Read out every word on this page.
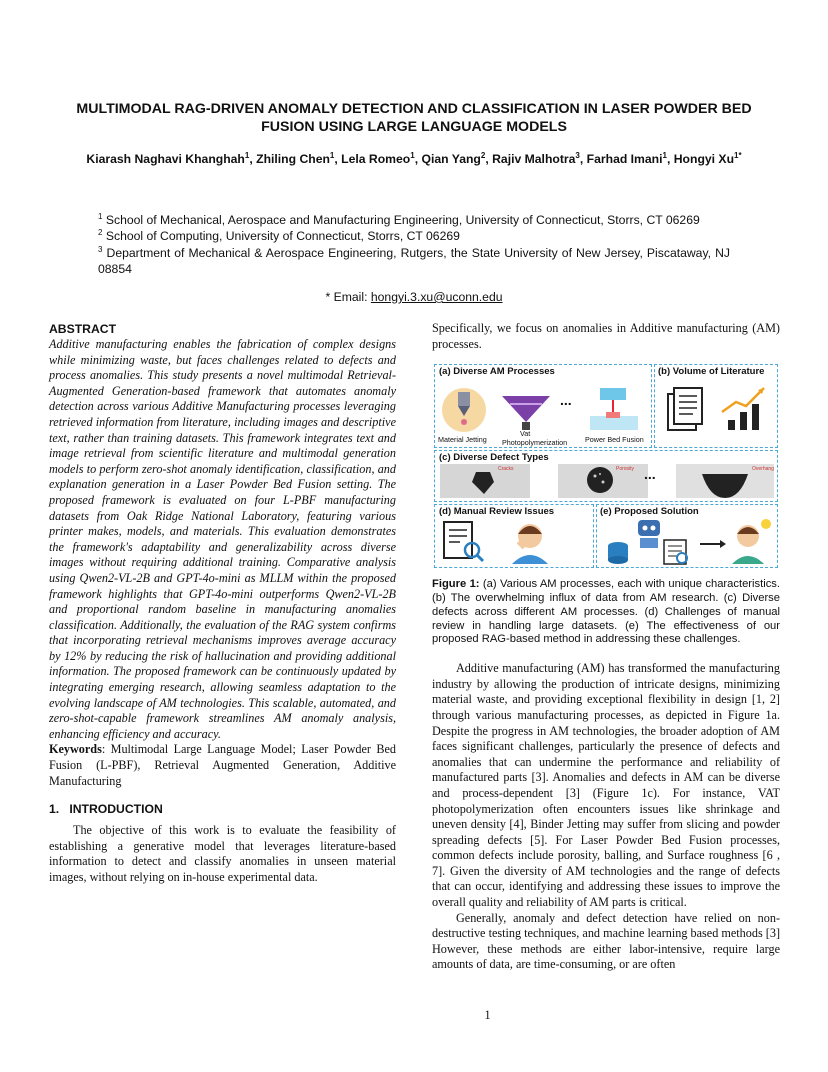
MULTIMODAL RAG-DRIVEN ANOMALY DETECTION AND CLASSIFICATION IN LASER POWDER BED FUSION USING LARGE LANGUAGE MODELS
Kiarash Naghavi Khanghah$^1$, Zhiling Chen$^1$, Lela Romeo$^1$, Qian Yang$^2$, Rajiv Malhotra$^3$, Farhad Imani$^1$, Hongyi $Xu^{1*}$

$^1$ School of Mechanical, Aerospace and Manufacturing Engineering, University of Connecticut, Storrs, CT 06269

$^2$ School of Computing, University of Connecticut, Storrs, CT 06269

$^3$ Department of Mechanical & Aerospace Engineering, Rutgers, the State University of New Jersey, Piscataway, NJ 08854

* Email: hongyi.3.xu@uconn.edu
ABSTRACT

Additive manufacturing enables the fabrication of complex designs while minimizing waste, but faces challenges related to defects and process anomalies. This study presents a novel multimodal Retrieval-Augmented Generation-based framework that automates anomaly detection across various Additive Manufacturing processes leveraging retrieved information from literature, including images and descriptive text, rather than training datasets. This framework integrates text and image retrieval from scientific literature and multimodal generation models to perform zero-shot anomaly identification, classification, and explanation generation in a Laser Powder Bed Fusion setting. The proposed framework is evaluated on four L-PBF manufacturing datasets from Oak Ridge National Laboratory, featuring various printer makes, models, and materials. This evaluation demonstrates the framework's adaptability and generalizability across diverse images without requiring additional training. Comparative analysis using Qwen2-VL-2B and GPT-4o-mini as MLLM within the proposed framework highlights that GPT-4o-mini outperforms Qwen2-VL-2B and proportional random baseline in manufacturing anomalies classification. Additionally, the evaluation of the RAG system confirms that incorporating retrieval mechanisms improves average accuracy by 12% by reducing the risk of hallucination and providing additional information. The proposed framework can be continuously updated by integrating emerging research, allowing seamless adaptation to the evolving landscape of AM technologies. This scalable, automated, and zero-shot-capable framework streamlines AM anomaly analysis, enhancing efficiency and accuracy.

Keywords: Multimodal Large Language Model; Laser Powder Bed Fusion (L-PBF), Retrieval Augmented Generation, Additive Manufacturing

1.   INTRODUCTION

The objective of this work is to evaluate the feasibility of establishing a generative model that leverages literature-based information to detect and classify anomalies in unseen material images, without relying on in-house experimental data.

Specifically, we focus on anomalies in Additive manufacturing (AM) processes.

(a) Diverse AM Processes
...
Material Jetting
Vat
Photopolymerization Power Bed Fusion
(b) Volume of Literature
(c) Diverse Defect Types
Cracks	Porosity	Overhang
...
(d) Manual Review Issues	(e) Proposed Solution

Figure 1: (a) Various AM processes, each with unique characteristics. (b) The overwhelming influx of data from AM research. (c) Diverse defects across different AM processes. (d) Challenges of manual review in handling large datasets. (e) The effectiveness of our proposed RAG-based method in addressing these challenges.

Additive manufacturing (AM) has transformed the manufacturing industry by allowing the production of intricate designs, minimizing material waste, and providing exceptional flexibility in design [1, 2] through various manufacturing processes, as depicted in Figure 1a. Despite the progress in AM technologies, the broader adoption of AM faces significant challenges, particularly the presence of defects and anomalies that can undermine the performance and reliability of manufactured parts [3]. Anomalies and defects in AM can be diverse and process-dependent [3] (Figure 1c). For instance, VAT photopolymerization often encounters issues like shrinkage and uneven density [4], Binder Jetting may suffer from slicing and powder spreading defects [5]. For Laser Powder Bed Fusion processes, common defects include porosity, balling, and Surface roughness [6 , 7]. Given the diversity of AM technologies and the range of defects that can occur, identifying and addressing these issues to improve the overall quality and reliability of AM parts is critical.

Generally, anomaly and defect detection have relied on non-destructive testing techniques, and machine learning based methods [3] However, these methods are either labor-intensive, require large amounts of data, are time-consuming, or are often

1
